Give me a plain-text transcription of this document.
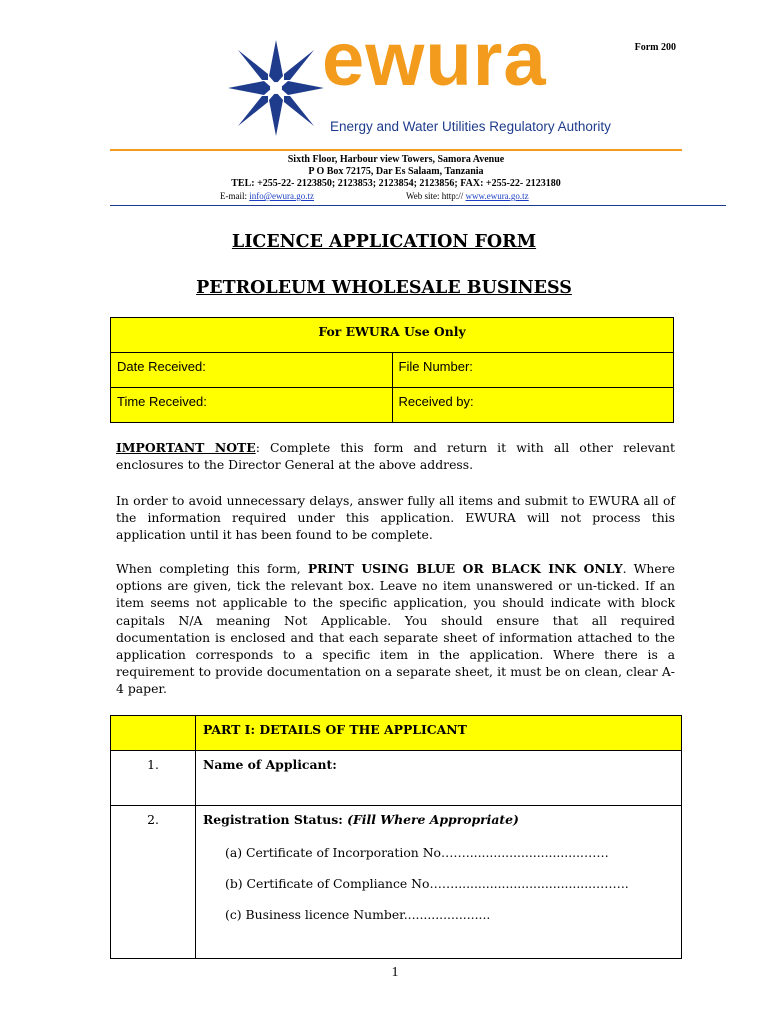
Form 200
ewura
Energy and Water Utilities Regulatory Authority
Sixth Floor, Harbour view Towers, Samora Avenue
P O Box 72175, Dar Es Salaam, Tanzania
TEL: +255-22- 2123850; 2123853; 2123854; 2123856; FAX: +255-22- 2123180
E-mail: info@ewura.go.tz	Web site: http:// www.ewura.go.tz
LICENCE APPLICATION FORM
PETROLEUM WHOLESALE BUSINESS
For EWURA Use Only	
Date Received:	File Number:
Time Received:	Received by:
IMPORTANT NOTE: Complete this form and return it with all other relevant enclosures to the Director General at the above address.
In order to avoid unnecessary delays, answer fully all items and submit to EWURA all of the information required under this application. EWURA will not process this application until it has been found to be complete.
When completing this form, PRINT USING BLUE OR BLACK INK ONLY. Where options are given, tick the relevant box. Leave no item unanswered or un-ticked. If an item seems not applicable to the specific application, you should indicate with block capitals N/A meaning Not Applicable. You should ensure that all required documentation is enclosed and that each separate sheet of information attached to the application corresponds to a specific item in the application. Where there is a requirement to provide documentation on a separate sheet, it must be on clean, clear A-4 paper.
	PART I: DETAILS OF THE APPLICANT
1.	Name of Applicant:
2.	Registration Status: (Fill Where Appropriate)
(a) Certificate of Incorporation No……..............................……
(b) Certificate of Compliance No……....................................……..
(c) Business licence Number......................
1
